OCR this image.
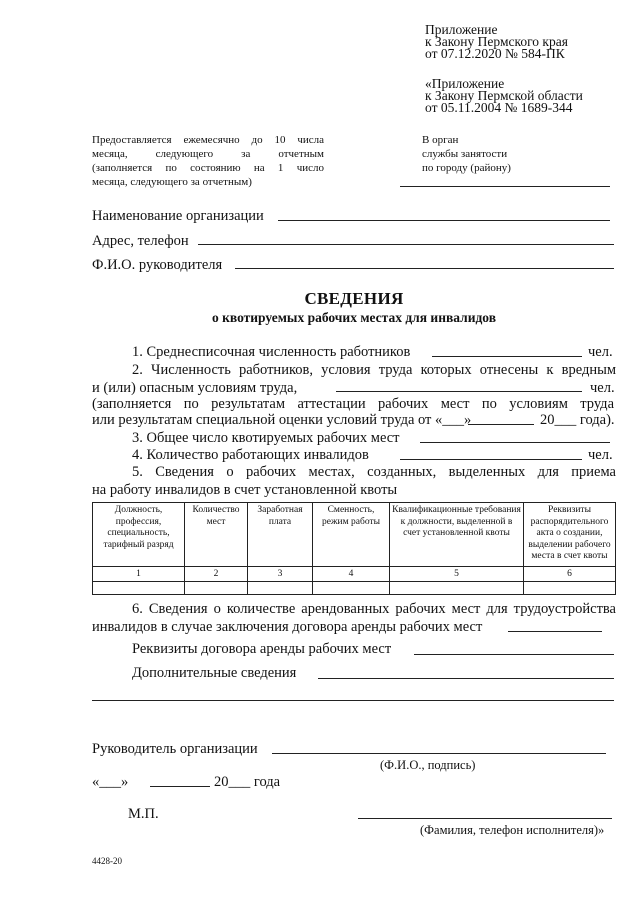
Приложение
к Закону Пермского края
от 07.12.2020 № 584-ПК
«Приложение
к Закону Пермской области
от 05.11.2004 № 1689-344
Предоставляется ежемесячно до 10 числа
месяца, следующего за отчетным
(заполняется по состоянию на 1 число
месяца, следующего за отчетным)
В орган
службы занятости
по городу (району)
Наименование организации
Адрес, телефон
Ф.И.О. руководителя
СВЕДЕНИЯ
о квотируемых рабочих местах для инвалидов
1. Среднесписочная численность работников	чел.
2. Численность работников, условия труда которых отнесены к вредным
и (или) опасным условиям труда,	чел.
(заполняется по результатам аттестации рабочих мест по условиям труда
или результатам специальной оценки условий труда от «___»	20___ года).
3. Общее число квотируемых рабочих мест
4. Количество работающих инвалидов	чел.
5. Сведения о рабочих местах, созданных, выделенных для приема
на работу инвалидов в счет установленной квоты
Должность, профессия, специальность, тарифный разряд	Количество мест	Заработная плата	Сменность, режим работы	Квалификационные требования к должности, выделенной в счет установленной квоты	Реквизиты распорядительного акта о создании, выделении рабочего места в счет квоты
1	2	3	4	5	6

6. Сведения о количестве арендованных рабочих мест для трудоустройства
инвалидов в случае заключения договора аренды рабочих мест
Реквизиты договора аренды рабочих мест
Дополнительные сведения
Руководитель организации
(Ф.И.О., подпись)
«___»	20___ года
М.П.
(Фамилия, телефон исполнителя)»
4428-20
